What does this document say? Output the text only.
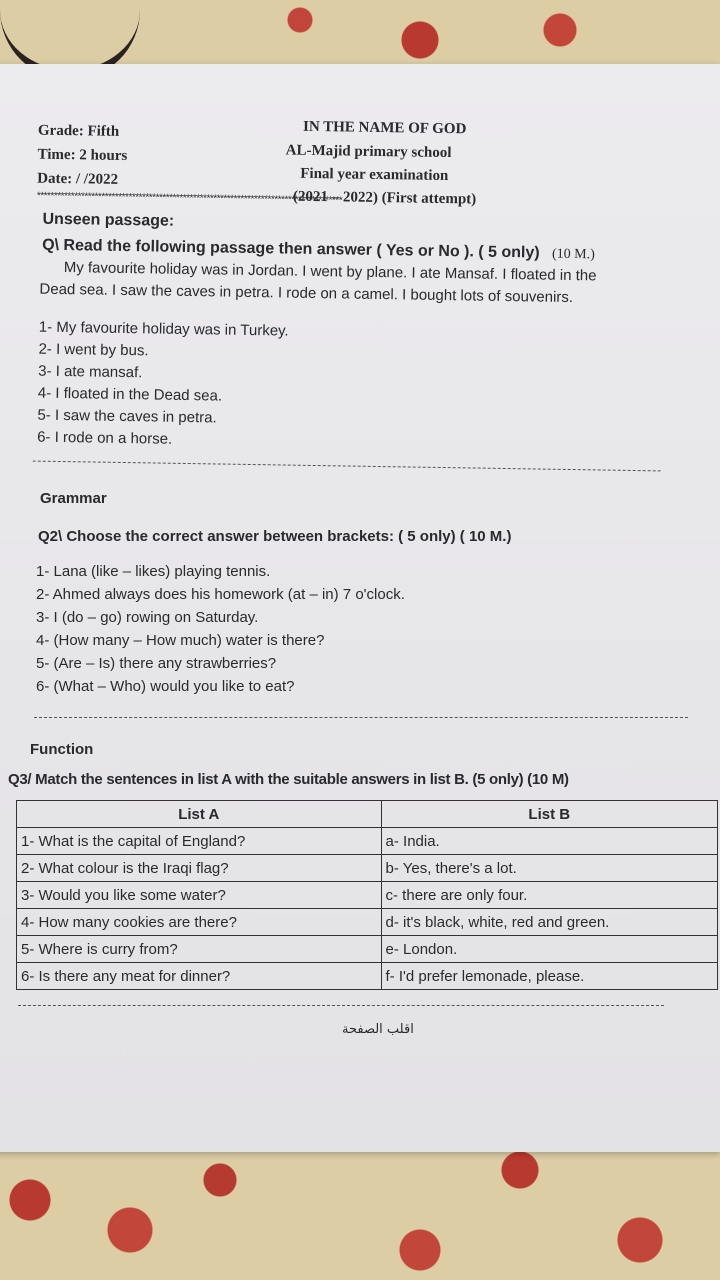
Grade: Fifth
Time: 2 hours
Date: / /2022
IN THE NAME OF GOD
AL-Majid primary school
Final year examination
(2021 – 2022) (First attempt)
******************************************************************************************
Unseen passage:
Q\ Read the following passage then answer ( Yes or No ). ( 5 only) (10 M.)
My favourite holiday was in Jordan. I went by plane. I ate Mansaf. I floated in the
Dead sea. I saw the caves in petra. I rode on a camel. I bought lots of souvenirs.
1- My favourite holiday was in Turkey.
2- I went by bus.
3- I ate mansaf.
4- I floated in the Dead sea.
5- I saw the caves in petra.
6- I rode on a horse.
Grammar
Q2\ Choose the correct answer between brackets: ( 5 only) ( 10 M.)
1- Lana (like – likes) playing tennis.
2- Ahmed always does his homework (at – in) 7 o'clock.
3- I (do – go) rowing on Saturday.
4- (How many – How much) water is there?
5- (Are – Is) there any strawberries?
6- (What – Who) would you like to eat?
Function
Q3/ Match the sentences in list A with the suitable answers in list B. (5 only) (10 M)
List A	List B
1- What is the capital of England?	a- India.
2- What colour is the Iraqi flag?	b- Yes, there's a lot.
3- Would you like some water?	c- there are only four.
4- How many cookies are there?	d- it's black, white, red and green.
5- Where is curry from?	e- London.
6- Is there any meat for dinner?	f- I'd prefer lemonade, please.
اقلب الصفحة
